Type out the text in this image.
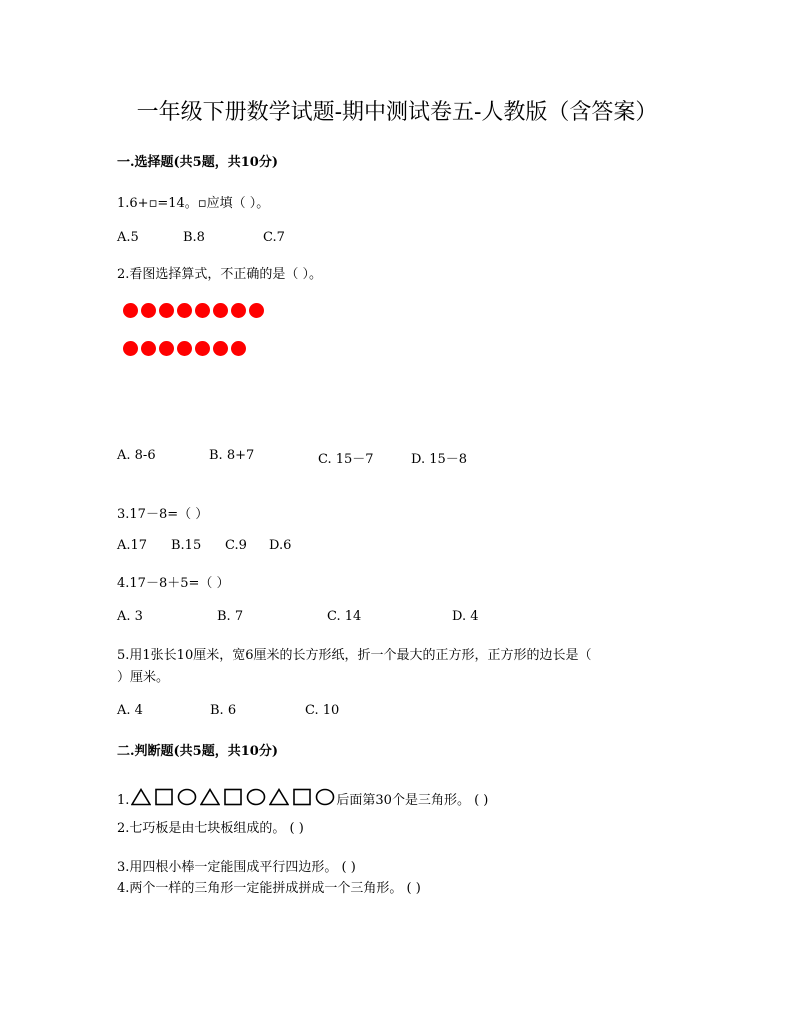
一年级下册数学试题-期中测试卷五-人教版（含答案）
一.选择题(共5题，共10分)
1.6+▫=14。▫应填（ ）。
A.5	B.8	C.7
2.看图选择算式，不正确的是（ ）。
A. 8-6	B. 8+7	C. 15－7	D. 15－8
3.17－8=（ ）
A.17 B.15 C.9 D.6
4.17－8＋5=（ ）
A. 3	B. 7	C. 14	D. 4
5.用1张长10厘米，宽6厘米的长方形纸，折一个最大的正方形，正方形的边长是（
）厘米。
A. 4	B. 6	C. 10
二.判断题(共5题，共10分)
1.	后面第30个是三角形。 ( )
2.七巧板是由七块板组成的。 ( )
3.用四根小棒一定能围成平行四边形。 ( )
4.两个一样的三角形一定能拼成拼成一个三角形。 ( )
